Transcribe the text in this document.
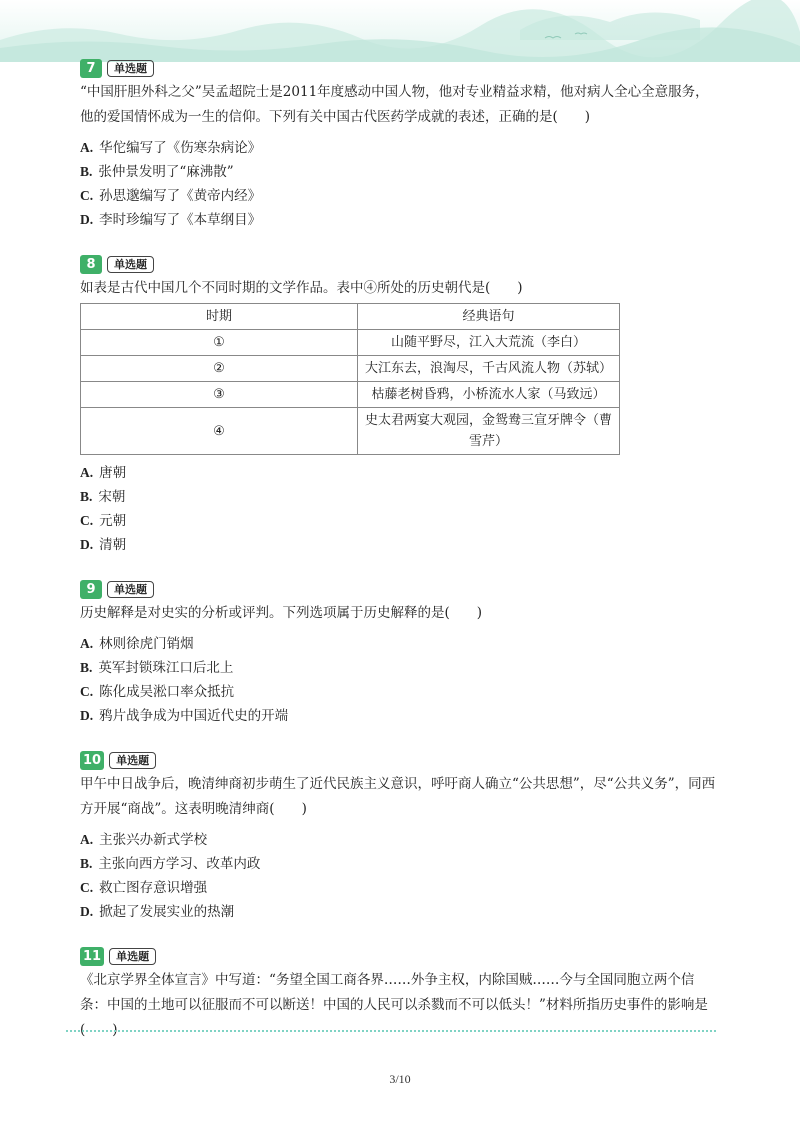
7	单选题
“中国肝胆外科之父”吴孟超院士是2011年度感动中国人物，他对专业精益求精，他对病人全心全意服务，他的爱国情怀成为一生的信仰。下列有关中国古代医药学成就的表述，正确的是(　　)
A. 华佗编写了《伤寒杂病论》
B. 张仲景发明了“麻沸散”
C. 孙思邈编写了《黄帝内经》
D. 李时珍编写了《本草纲目》
8	单选题
如表是古代中国几个不同时期的文学作品。表中④所处的历史朝代是(　　)
时期	经典语句
①	山随平野尽，江入大荒流（李白）
②	大江东去，浪淘尽，千古风流人物（苏轼）
③	枯藤老树昏鸦，小桥流水人家（马致远）
④	史太君两宴大观园，金鸳鸯三宣牙牌令（曹雪芹）
A. 唐朝
B. 宋朝
C. 元朝
D. 清朝
9	单选题
历史解释是对史实的分析或评判。下列选项属于历史解释的是(　　)
A. 林则徐虎门销烟
B. 英军封锁珠江口后北上
C. 陈化成吴淞口率众抵抗
D. 鸦片战争成为中国近代史的开端
10	单选题
甲午中日战争后，晚清绅商初步萌生了近代民族主义意识，呼吁商人确立“公共思想”，尽“公共义务”，同西方开展“商战”。这表明晚清绅商(　　)
A. 主张兴办新式学校
B. 主张向西方学习、改革内政
C. 救亡图存意识增强
D. 掀起了发展实业的热潮
11	单选题
《北京学界全体宣言》中写道：“务望全国工商各界……外争主权，内除国贼……今与全国同胞立两个信条：中国的土地可以征服而不可以断送！中国的人民可以杀戮而不可以低头！”材料所指历史事件的影响是(　　)
3/10
